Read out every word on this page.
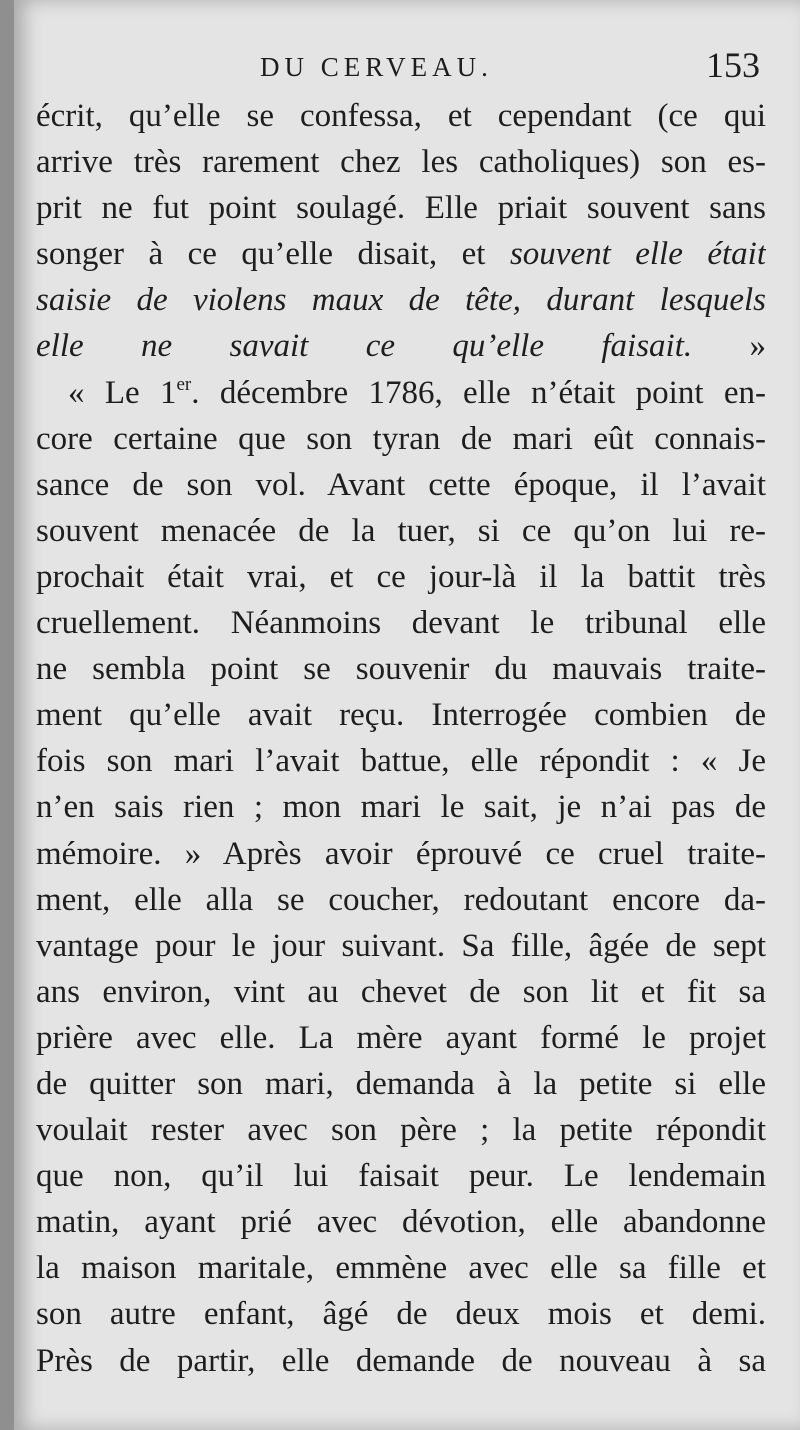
DU CERVEAU.	153
écrit, qu’elle se confessa, et cependant (ce qui
arrive très rarement chez les catholiques) son es-
prit ne fut point soulagé. Elle priait souvent sans
songer à ce qu’elle disait, et souvent elle était
saisie de violens maux de tête, durant lesquels
elle ne savait ce qu’elle faisait. »
« Le 1er. décembre 1786, elle n’était point en-
core certaine que son tyran de mari eût connais-
sance de son vol. Avant cette époque, il l’avait
souvent menacée de la tuer, si ce qu’on lui re-
prochait était vrai, et ce jour-là il la battit très
cruellement. Néanmoins devant le tribunal elle
ne sembla point se souvenir du mauvais traite-
ment qu’elle avait reçu. Interrogée combien de
fois son mari l’avait battue, elle répondit : « Je
n’en sais rien ; mon mari le sait, je n’ai pas de
mémoire. » Après avoir éprouvé ce cruel traite-
ment, elle alla se coucher, redoutant encore da-
vantage pour le jour suivant. Sa fille, âgée de sept
ans environ, vint au chevet de son lit et fit sa
prière avec elle. La mère ayant formé le projet
de quitter son mari, demanda à la petite si elle
voulait rester avec son père ; la petite répondit
que non, qu’il lui faisait peur. Le lendemain
matin, ayant prié avec dévotion, elle abandonne
la maison maritale, emmène avec elle sa fille et
son autre enfant, âgé de deux mois et demi.
Près de partir, elle demande de nouveau à sa
